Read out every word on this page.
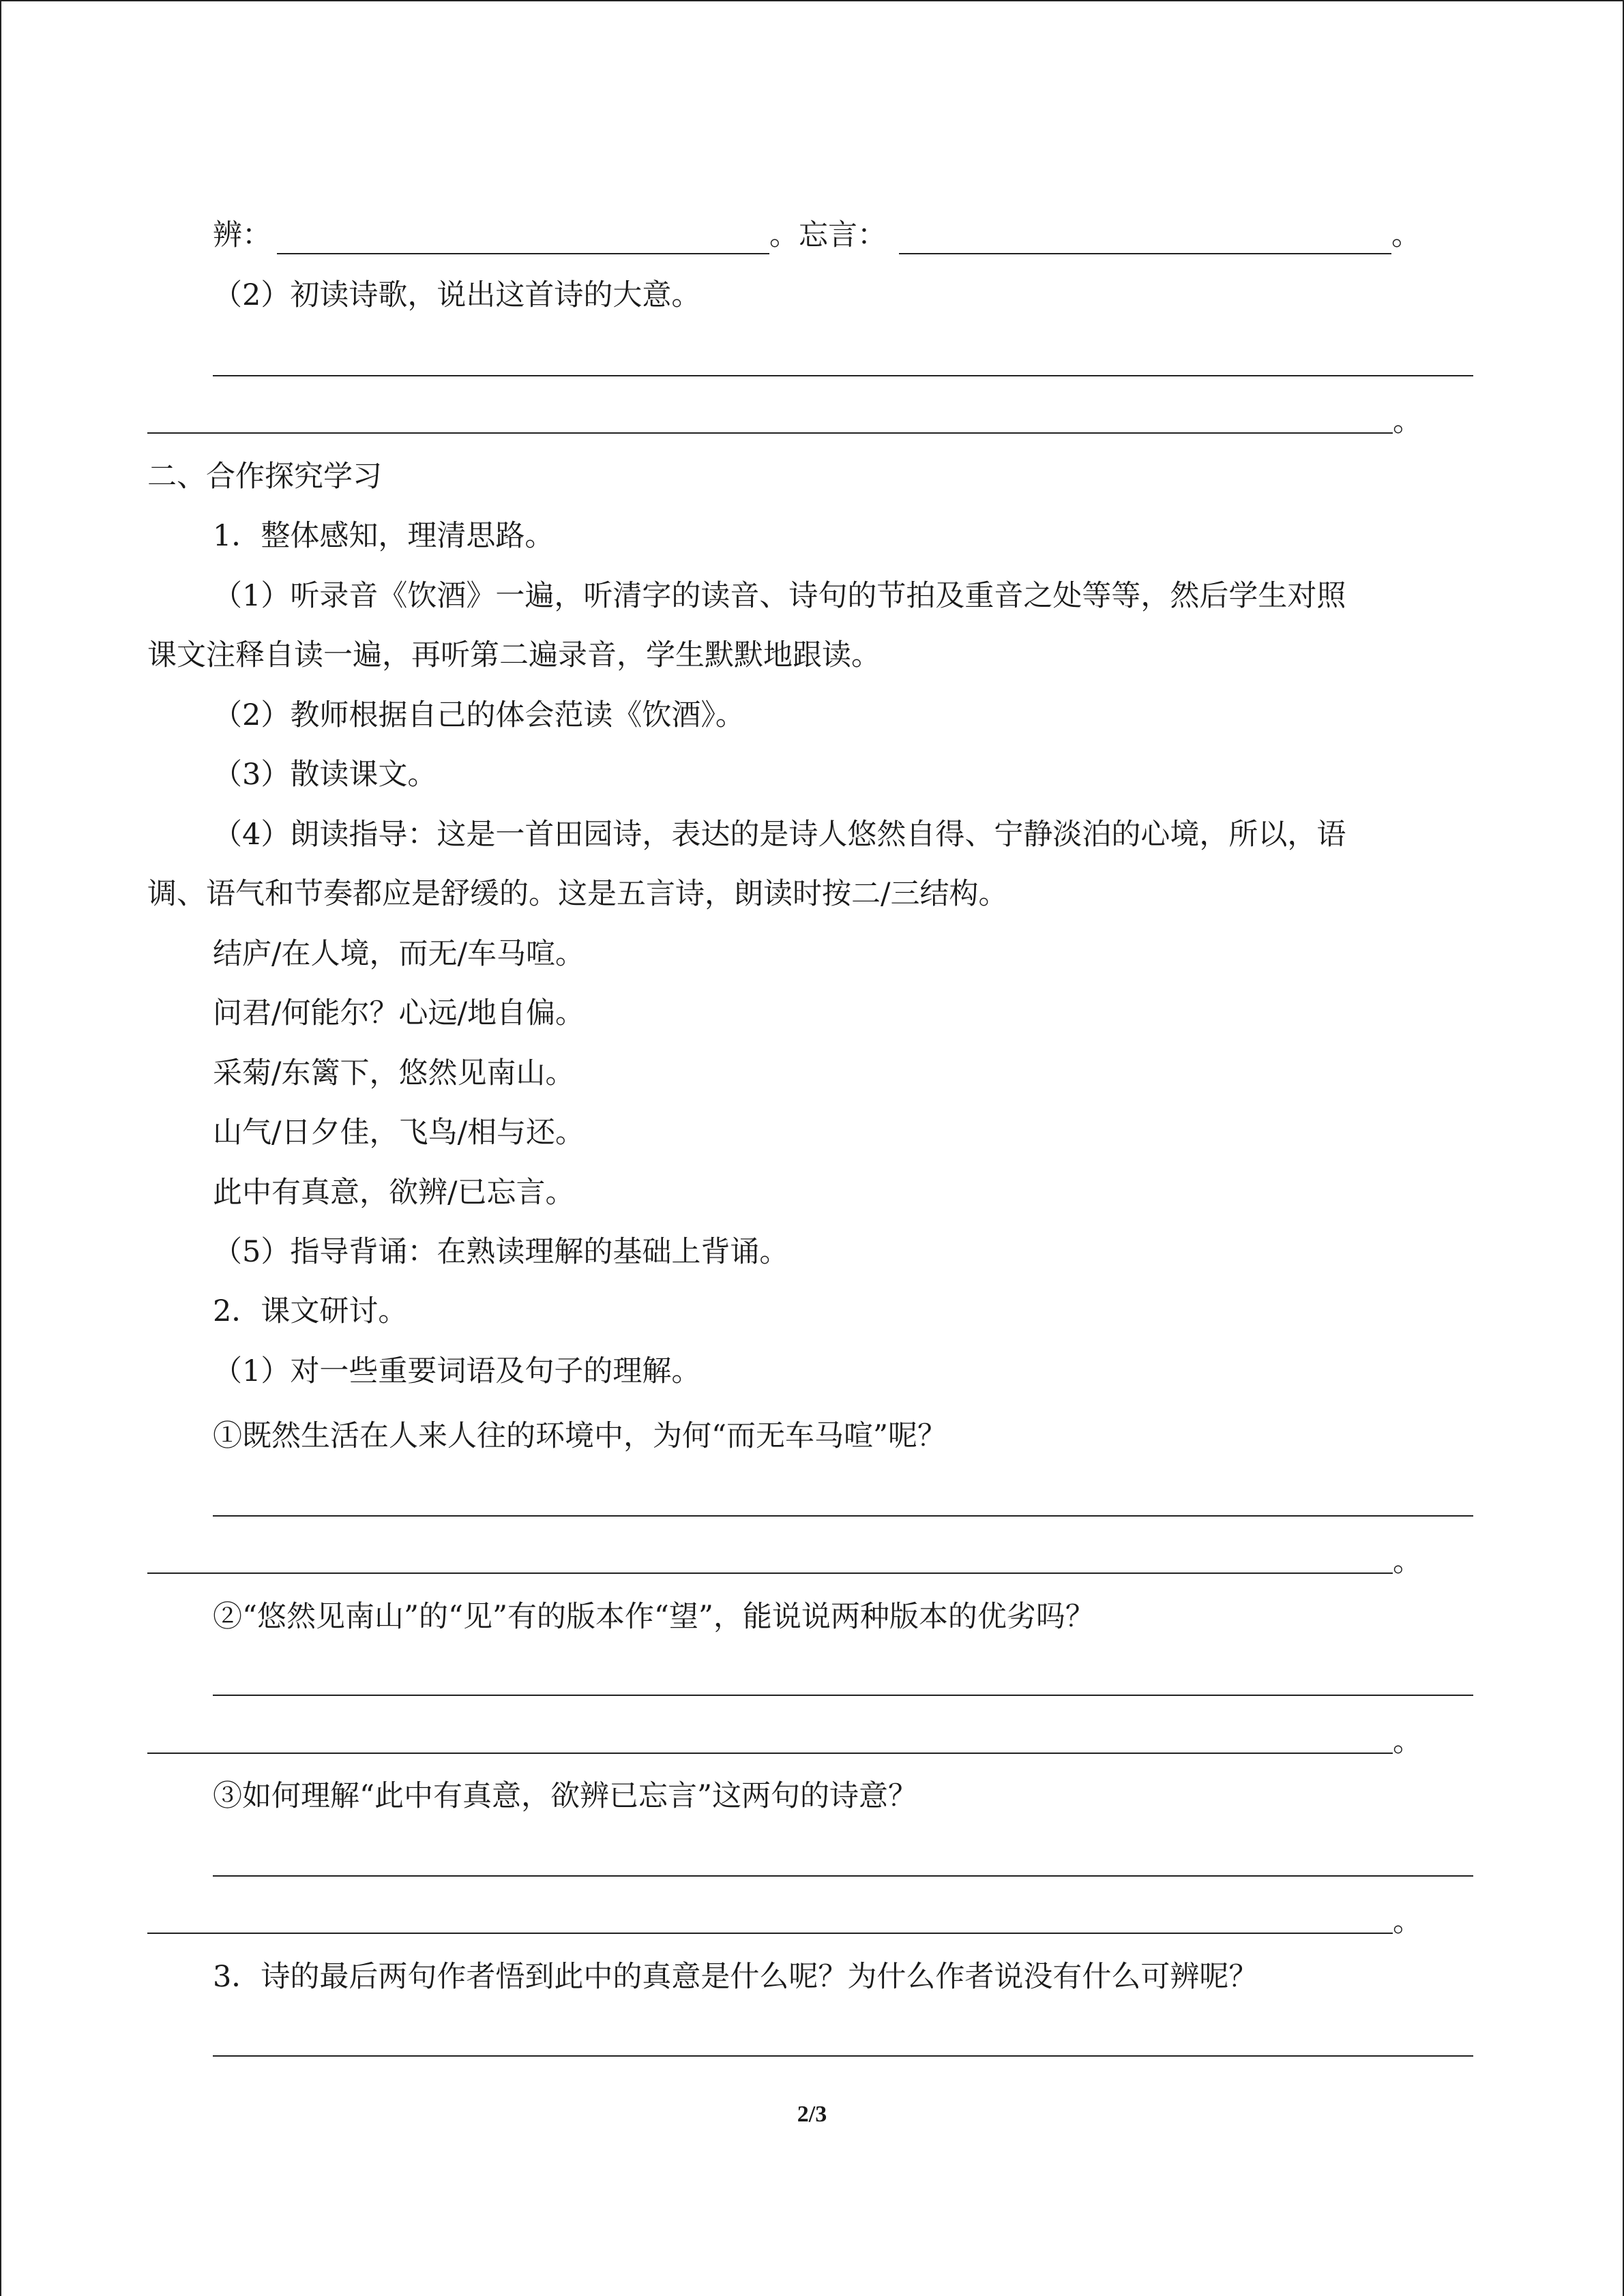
辨：	。忘言：	。
（2）初读诗歌，说出这首诗的大意。
。
二、合作探究学习
1．整体感知，理清思路。
（1）听录音《饮酒》一遍，听清字的读音、诗句的节拍及重音之处等等，然后学生对照
课文注释自读一遍，再听第二遍录音，学生默默地跟读。
（2）教师根据自己的体会范读《饮酒》。
（3）散读课文。
（4）朗读指导：这是一首田园诗，表达的是诗人悠然自得、宁静淡泊的心境，所以，语
调、语气和节奏都应是舒缓的。这是五言诗，朗读时按二/三结构。
结庐/在人境，而无/车马喧。
问君/何能尔？心远/地自偏。
采菊/东篱下，悠然见南山。
山气/日夕佳，飞鸟/相与还。
此中有真意，欲辨/已忘言。
（5）指导背诵：在熟读理解的基础上背诵。
2．课文研讨。
（1）对一些重要词语及句子的理解。
①既然生活在人来人往的环境中，为何“而无车马喧”呢？
。
②“悠然见南山”的“见”有的版本作“望”，能说说两种版本的优劣吗？
。
③如何理解“此中有真意，欲辨已忘言”这两句的诗意？
。
3．诗的最后两句作者悟到此中的真意是什么呢？为什么作者说没有什么可辨呢？
2/3
